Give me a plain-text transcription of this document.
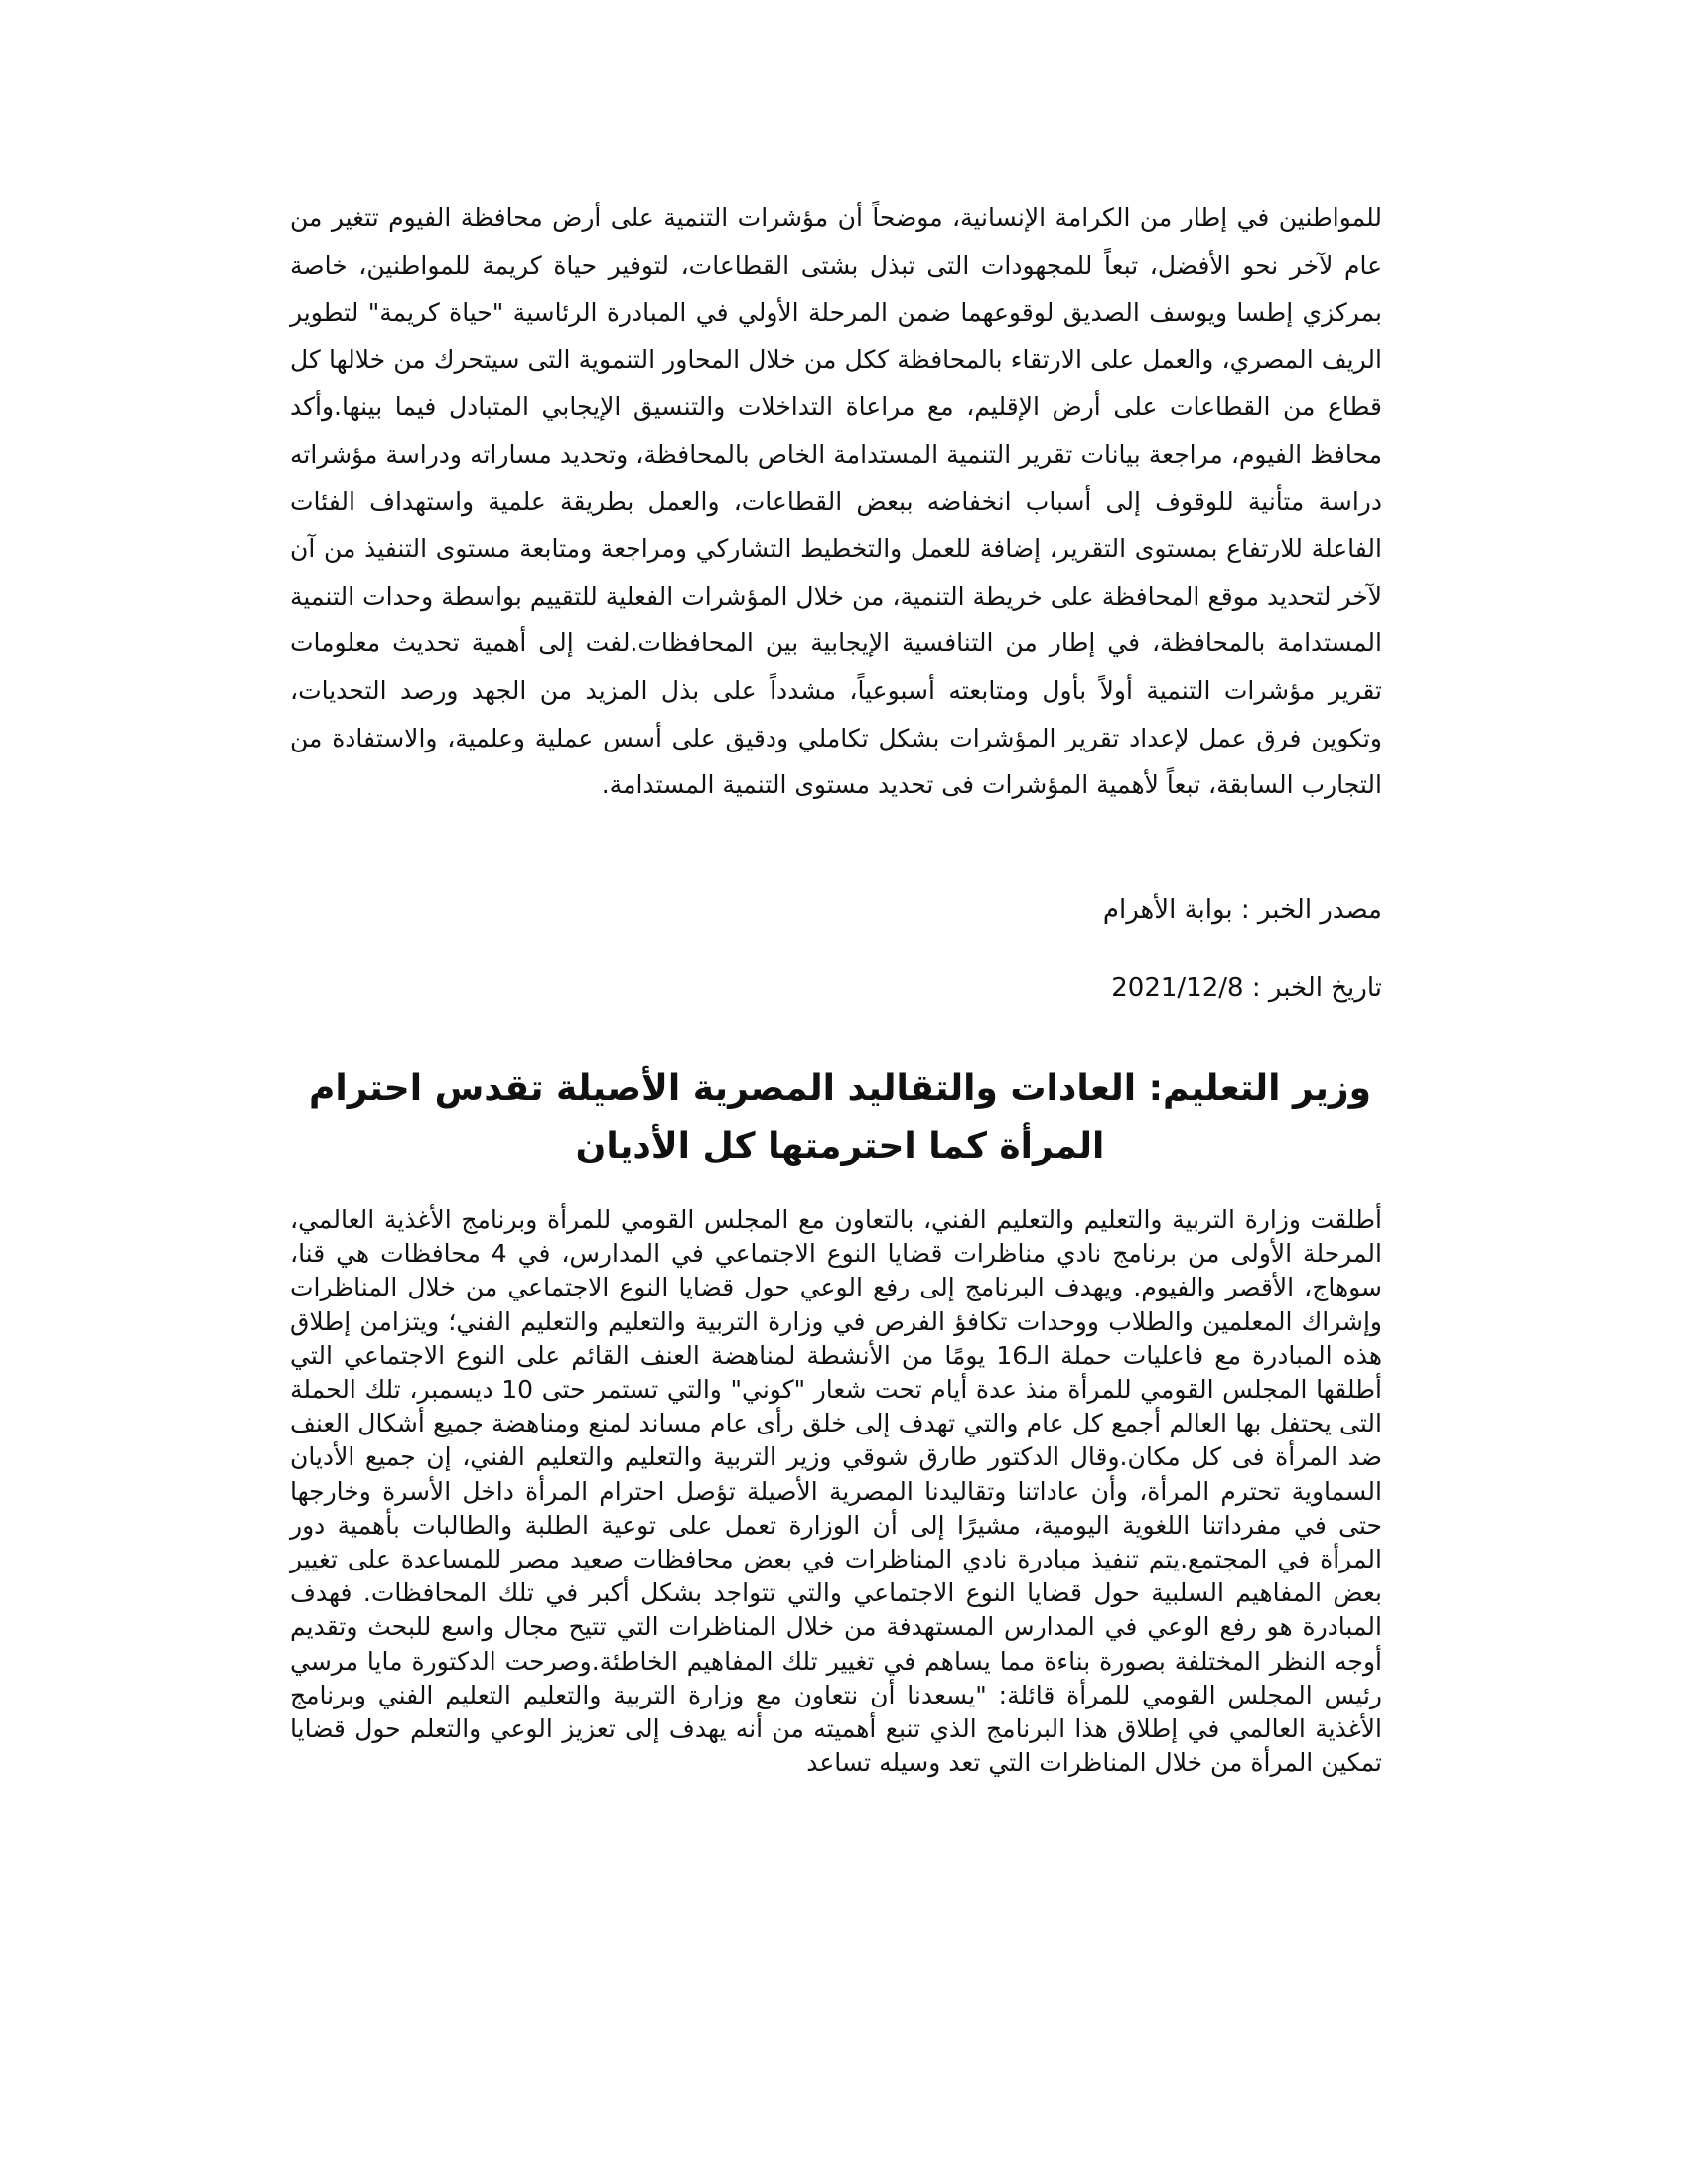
للمواطنين في إطار من الكرامة الإنسانية، موضحاً أن مؤشرات التنمية على أرض محافظة الفيوم تتغير من عام لآخر نحو الأفضل، تبعاً للمجهودات التى تبذل بشتى القطاعات، لتوفير حياة كريمة للمواطنين، خاصة بمركزي إطسا ويوسف الصديق لوقوعهما ضمن المرحلة الأولي في المبادرة الرئاسية "حياة كريمة" لتطوير الريف المصري، والعمل على الارتقاء بالمحافظة ككل من خلال المحاور التنموية التى سيتحرك من خلالها كل قطاع من القطاعات على أرض الإقليم، مع مراعاة التداخلات والتنسيق الإيجابي المتبادل فيما بينها.وأكد محافظ الفيوم، مراجعة بيانات تقرير التنمية المستدامة الخاص بالمحافظة، وتحديد مساراته ودراسة مؤشراته دراسة متأنية للوقوف إلى أسباب انخفاضه ببعض القطاعات، والعمل بطريقة علمية واستهداف الفئات الفاعلة للارتفاع بمستوى التقرير، إضافة للعمل والتخطيط التشاركي ومراجعة ومتابعة مستوى التنفيذ من آن لآخر لتحديد موقع المحافظة على خريطة التنمية، من خلال المؤشرات الفعلية للتقييم بواسطة وحدات التنمية المستدامة بالمحافظة، في إطار من التنافسية الإيجابية بين المحافظات.لفت إلى أهمية تحديث معلومات تقرير مؤشرات التنمية أولاً بأول ومتابعته أسبوعياً، مشدداً على بذل المزيد من الجهد ورصد التحديات، وتكوين فرق عمل لإعداد تقرير المؤشرات بشكل تكاملي ودقيق على أسس عملية وعلمية، والاستفادة من التجارب السابقة، تبعاً لأهمية المؤشرات فى تحديد مستوى التنمية المستدامة.

مصدر الخبر : بوابة الأهرام

تاريخ الخبر : 2021/12/8

وزير التعليم: العادات والتقاليد المصرية الأصيلة تقدس احترام المرأة كما احترمتها كل الأديان

أطلقت وزارة التربية والتعليم والتعليم الفني، بالتعاون مع المجلس القومي للمرأة وبرنامج الأغذية العالمي، المرحلة الأولى من برنامج نادي مناظرات قضايا النوع الاجتماعي في المدارس، في 4 محافظات هي قنا، سوهاج، الأقصر والفيوم. ويهدف البرنامج إلى رفع الوعي حول قضايا النوع الاجتماعي من خلال المناظرات وإشراك المعلمين والطلاب ووحدات تكافؤ الفرص في وزارة التربية والتعليم والتعليم الفني؛ ويتزامن إطلاق هذه المبادرة مع فاعليات حملة الـ16 يومًا من الأنشطة لمناهضة العنف القائم على النوع الاجتماعي التي أطلقها المجلس القومي للمرأة منذ عدة أيام تحت شعار "كوني" والتي تستمر حتى 10 ديسمبر، تلك الحملة التى يحتفل بها العالم أجمع كل عام والتي تهدف إلى خلق رأى عام مساند لمنع ومناهضة جميع أشكال العنف ضد المرأة فى كل مكان.وقال الدكتور طارق شوقي وزير التربية والتعليم والتعليم الفني، إن جميع الأديان السماوية تحترم المرأة، وأن عاداتنا وتقاليدنا المصرية الأصيلة تؤصل احترام المرأة داخل الأسرة وخارجها حتى في مفرداتنا اللغوية اليومية، مشيرًا إلى أن الوزارة تعمل على توعية الطلبة والطالبات بأهمية دور المرأة في المجتمع.يتم تنفيذ مبادرة نادي المناظرات في بعض محافظات صعيد مصر للمساعدة على تغيير بعض المفاهيم السلبية حول قضايا النوع الاجتماعي والتي تتواجد بشكل أكبر في تلك المحافظات. فهدف المبادرة هو رفع الوعي في المدارس المستهدفة من خلال المناظرات التي تتيح مجال واسع للبحث وتقديم أوجه النظر المختلفة بصورة بناءة مما يساهم في تغيير تلك المفاهيم الخاطئة.وصرحت الدكتورة مايا مرسي رئيس المجلس القومي للمرأة قائلة: "يسعدنا أن نتعاون مع وزارة التربية والتعليم التعليم الفني وبرنامج الأغذية العالمي في إطلاق هذا البرنامج الذي تنبع أهميته من أنه يهدف إلى تعزيز الوعي والتعلم حول قضايا تمكين المرأة من خلال المناظرات التي تعد وسيله تساعد
